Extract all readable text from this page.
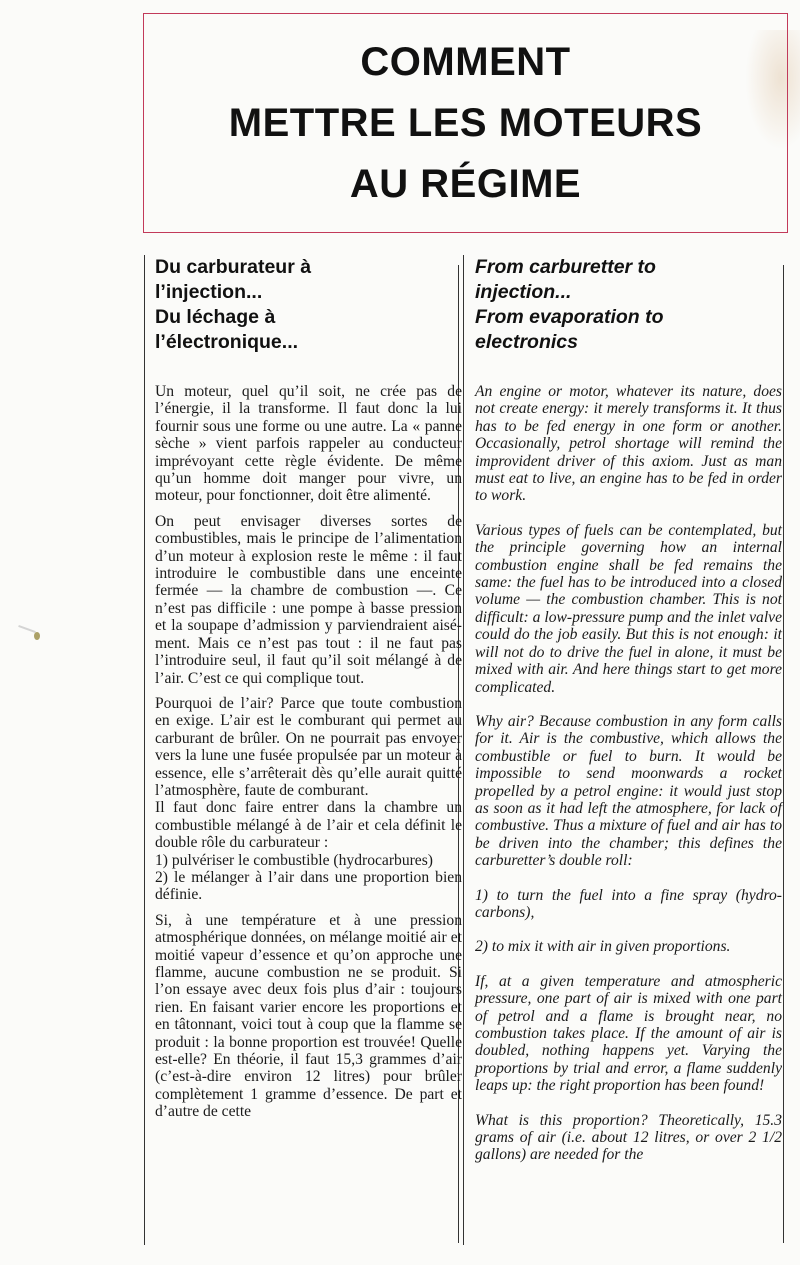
COMMENT
METTRE LES MOTEURS
AU RÉGIME
Du carburateur à
l’injection...
Du léchage à
l’électronique...

Un moteur, quel qu’il soit, ne crée pas de l’énergie, il la transforme. Il faut donc la lui fournir sous une forme ou une autre. La « panne sèche » vient parfois rappeler au conducteur imprévoyant cette règle évidente. De même qu’un homme doit manger pour vivre, un moteur, pour fonctionner, doit être alimenté.

On peut envisager diverses sortes de combustibles, mais le principe de l’alimentation d’un moteur à explosion reste le même : il faut introduire le combustible dans une enceinte fermée — la chambre de combustion —. Ce n’est pas difficile : une pompe à basse pression et la soupape d’admission y parviendraient aisément. Mais ce n’est pas tout : il ne faut pas l’introduire seul, il faut qu’il soit mélangé à de l’air. C’est ce qui complique tout.

Pourquoi de l’air? Parce que toute combustion en exige. L’air est le comburant qui permet au carburant de brûler. On ne pourrait pas envoyer vers la lune une fusée propulsée par un moteur à essence, elle s’arrêterait dès qu’elle aurait quitté l’atmosphère, faute de comburant.

Il faut donc faire entrer dans la chambre un combustible mélangé à de l’air et cela définit le double rôle du carburateur :

1) pulvériser le combustible (hydrocarbures)

2) le mélanger à l’air dans une proportion bien définie.

Si, à une température et à une pression atmosphérique données, on mélange moitié air et moitié vapeur d’essence et qu’on approche une flamme, aucune combustion ne se produit. Si l’on essaye avec deux fois plus d’air : toujours rien. En faisant varier encore les proportions et en tâtonnant, voici tout à coup que la flamme se produit : la bonne proportion est trouvée! Quelle est-elle? En théorie, il faut 15,3 grammes d’air (c’est-à-dire environ 12 litres) pour brûler complètement 1 gramme d’essence. De part et d’autre de cette

From carburetter to
injection...
From evaporation to
electronics

An engine or motor, whatever its nature, does not create energy: it merely transforms it. It thus has to be fed energy in one form or another. Occasionally, petrol shortage will remind the improvident driver of this axiom. Just as man must eat to live, an engine has to be fed in order to work.

Various types of fuels can be contemplated, but the principle governing how an internal combustion engine shall be fed remains the same: the fuel has to be introduced into a closed volume — the combustion chamber. This is not difficult: a low-pressure pump and the inlet valve could do the job easily. But this is not enough: it will not do to drive the fuel in alone, it must be mixed with air. And here things start to get more complicated.

Why air? Because combustion in any form calls for it. Air is the combustive, which allows the combustible or fuel to burn. It would be impossible to send moonwards a rocket propelled by a petrol engine: it would just stop as soon as it had left the atmosphere, for lack of combustive. Thus a mixture of fuel and air has to be driven into the chamber; this defines the carburetter’s double roll:

1) to turn the fuel into a fine spray (hydrocarbons),

2) to mix it with air in given proportions.

If, at a given temperature and atmospheric pressure, one part of air is mixed with one part of petrol and a flame is brought near, no combustion takes place. If the amount of air is doubled, nothing happens yet. Varying the proportions by trial and error, a flame suddenly leaps up: the right proportion has been found!

What is this proportion? Theoretically, 15.3 grams of air (i.e. about 12 litres, or over 2 1/2 gallons) are needed for the
